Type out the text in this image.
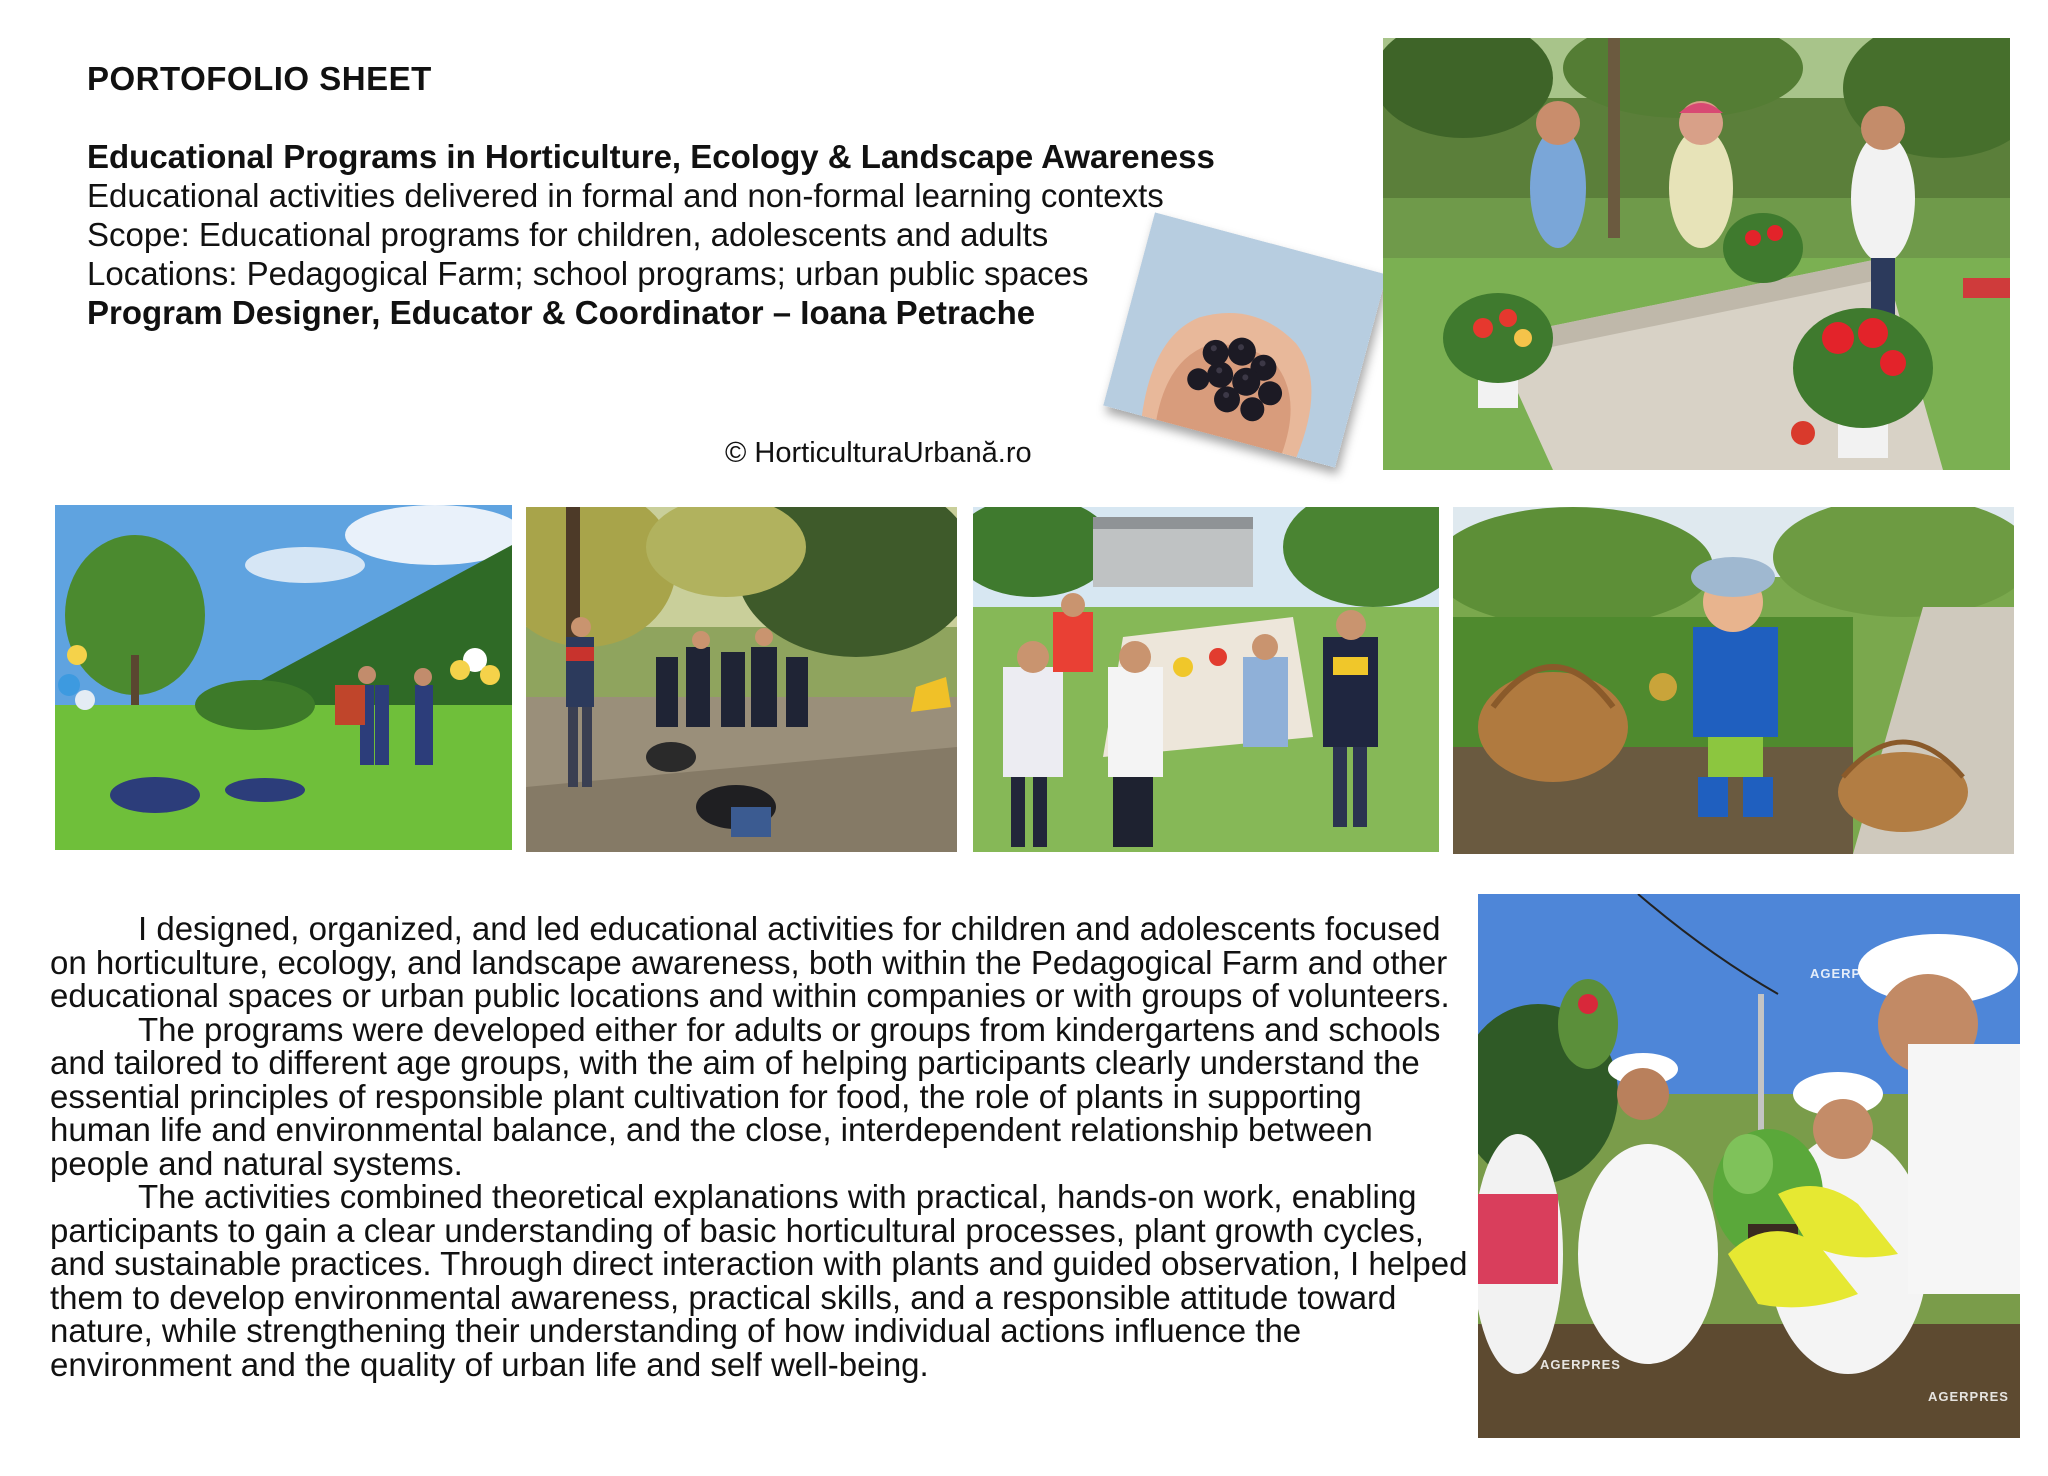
PORTOFOLIO SHEET
Educational Programs in Horticulture, Ecology & Landscape Awareness
Educational activities delivered in formal and non-formal learning contexts
Scope: Educational programs for children, adolescents and adults
Locations: Pedagogical Farm; school programs; urban public spaces
Program Designer, Educator & Coordinator – Ioana Petrache
© HorticulturaUrbană.ro
AGERPRES
AGERPRES
AGERPRES

I designed, organized, and led educational activities for children and adolescents focused on horticulture, ecology, and landscape awareness, both within the Pedagogical Farm and other educational spaces or urban public locations and within companies or with groups of volunteers.

The programs were developed either for adults or groups from kindergartens and schools and tailored to different age groups, with the aim of helping participants clearly understand the essential principles of responsible plant cultivation for food, the role of plants in supporting human life and environmental balance, and the close, interdependent relationship between people and natural systems.

The activities combined theoretical explanations with practical, hands-on work, enabling participants to gain a clear understanding of basic horticultural processes, plant growth cycles, and sustainable practices. Through direct interaction with plants and guided observation, I helped them to develop environmental awareness, practical skills, and a responsible attitude toward nature, while strengthening their understanding of how individual actions influence the environment and the quality of urban life and self well-being.
